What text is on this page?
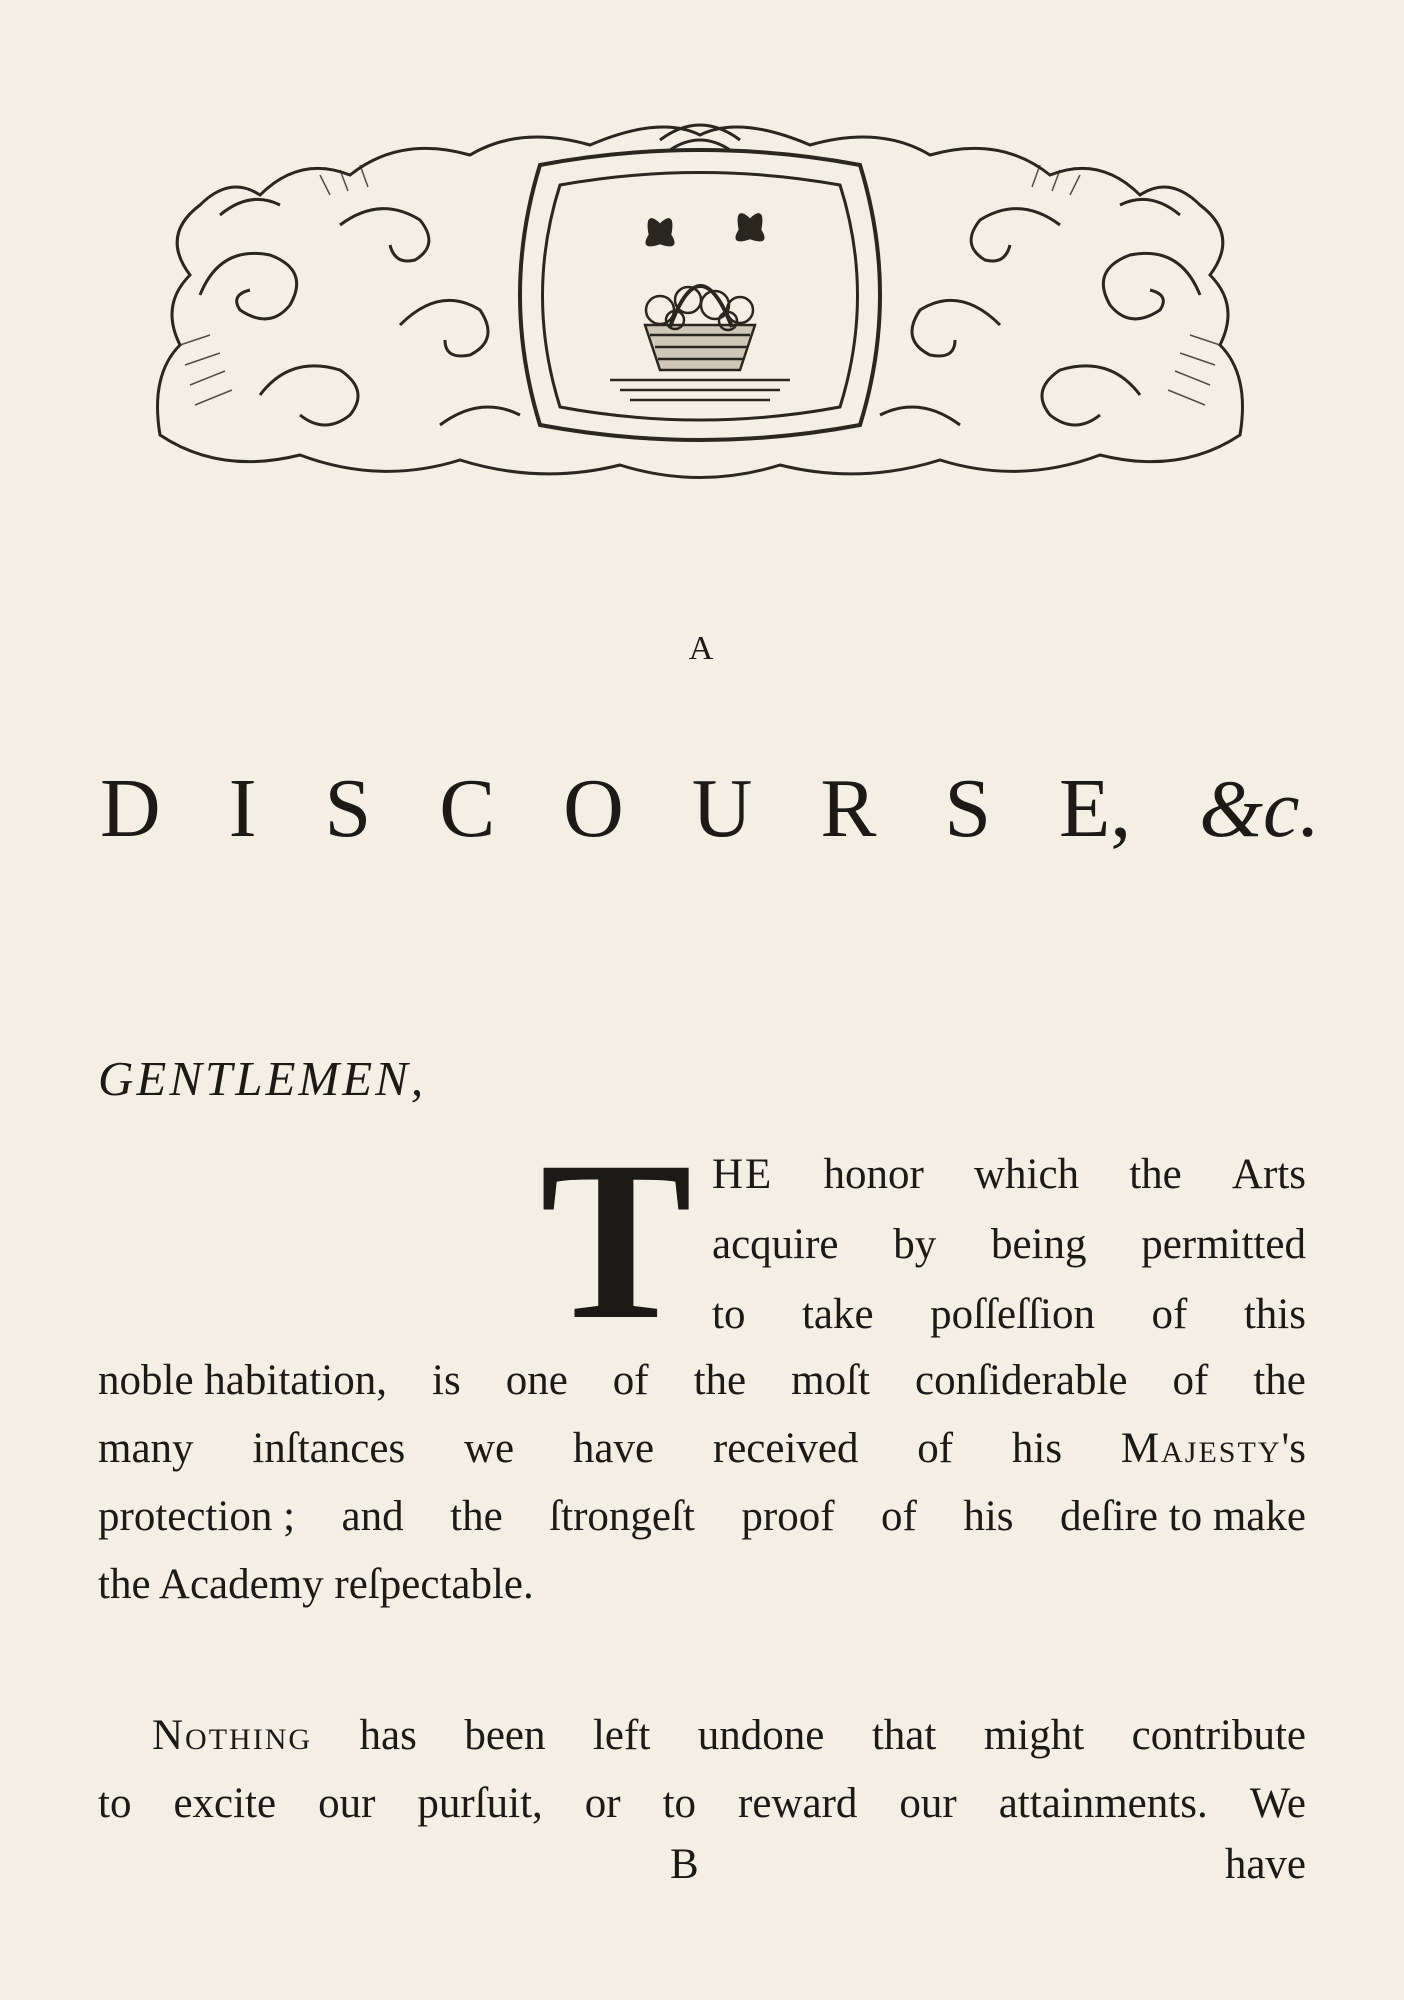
A
D I S C O U R S E, &c.
GENTLEMEN,
T HE honor which the Arts
acquire by being permitted
to take poſſeſſion of this
noble habitation, is one of the moſt conſiderable of the
many inſtances we have received of his Majesty's
protection ; and the ſtrongeſt proof of his deſire to make
the Academy reſpectable.
Nothing has been left undone that might contribute
to excite our purſuit, or to reward our attainments. We
B	have
